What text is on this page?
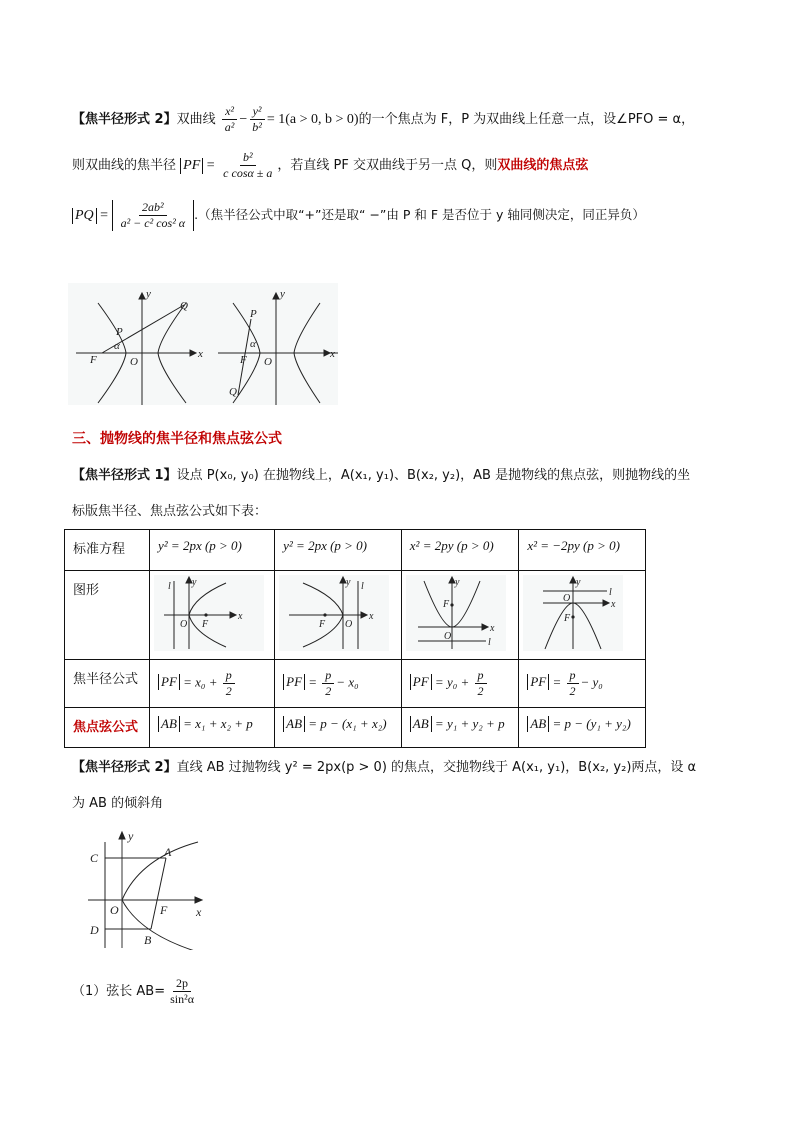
【焦半径形式 2】双曲线 $\frac{\text{x²}}{\text{a²}} - \frac{\text{y²}}{\text{b²}} = 1(a > 0$, b > 0)的一个焦点为 F，P 为双曲线上任意一点，设∠PFO = α，
则双曲线的焦半径 PF = $\frac{\text{b²}}{\text{c cosα ± a}}$ ，若直线 PF 交双曲线于另一点 Q，则双曲线的焦点弦
PQ = $\frac{\text{2ab²}}{\text{a² − c² cos² α}}$ .（焦半径公式中取“+”还是取“ −”由 P 和 F 是否位于 y 轴同侧决定，同正异负）
y
x
O
F
P
Q
α
y
x
O
F
P
Q
α
三、抛物线的焦半径和焦点弦公式
【焦半径形式 1】设点 P(x₀, y₀) 在抛物线上，A(x₁, y₁)、B(x₂, y₂)，AB 是抛物线的焦点弦，则抛物线的坐
标版焦半径、焦点弦公式如下表：
标准方程	y² = 2px (p > 0)	y² = 2px (p > 0)	x² = 2py (p > 0)	x² = −2py (p > 0)
图形	l y
x
O F	l
y
x
O
F	y
x
O
F
l	y
x
O
F
l

焦半径公式	PF = $x_0 + \frac{p}{2}$	PF = $\frac{p}{2} - x_0$	PF = $y_0 + \frac{p}{2}$	PF = $\frac{p}{2} - y_0$
焦点弦公式	AB = x₁ + x₂ + p	AB = p − (x₁ + x₂)	AB = y₁ + y₂ + p	AB = p − (y₁ + y₂)
【焦半径形式 2】直线 AB 过抛物线 y² = 2px(p > 0) 的焦点，交抛物线于 A(x₁, y₁)，B(x₂, y₂)两点，设 α
为 AB 的倾斜角
y
x
O	F
A
B
C
D
（1）弦长 $AB= \frac{2p}{\text{sin²α}}$
